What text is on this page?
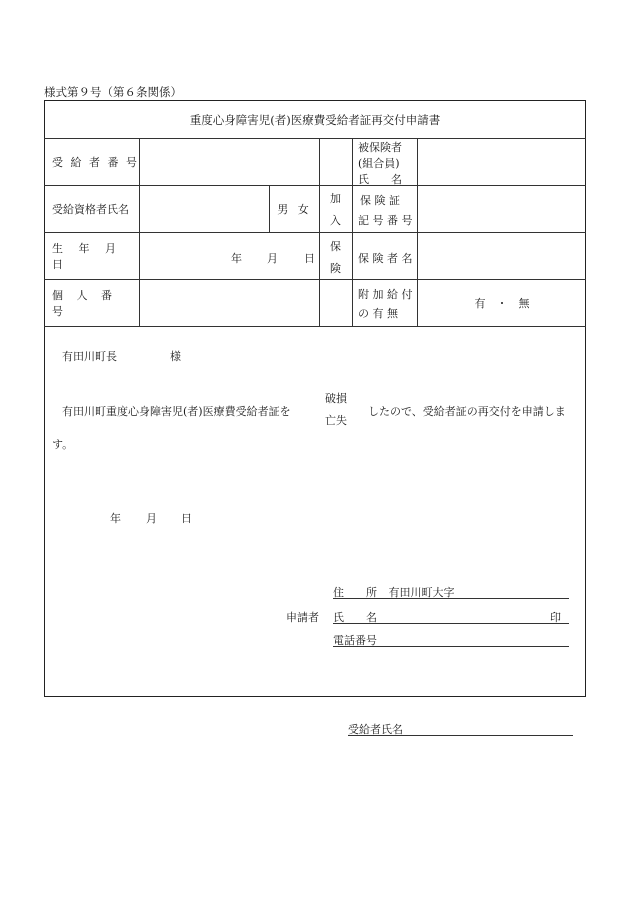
様式第９号（第６条関係）
重度心身障害児(者)医療費受給者証再交付申請書
受 給 者 番 号
受給資格者氏名
生 年 月 日
個 人 番 号
男 女
年 月 日
加
入
保
険
被保険者
(組合員)
氏　　名
保 険 証
記 号 番 号
保 険 者 名
附 加 給 付
の 有 無
有　・　無
有田川町長	様
有田川町重度心身障害児(者)医療費受給者証を
破損
亡失
したので、受給者証の再交付を申請しま
す。
年 月 日
申請者
住　　所 有田川町大字
氏　　名	印
電話番号
受給者氏名
